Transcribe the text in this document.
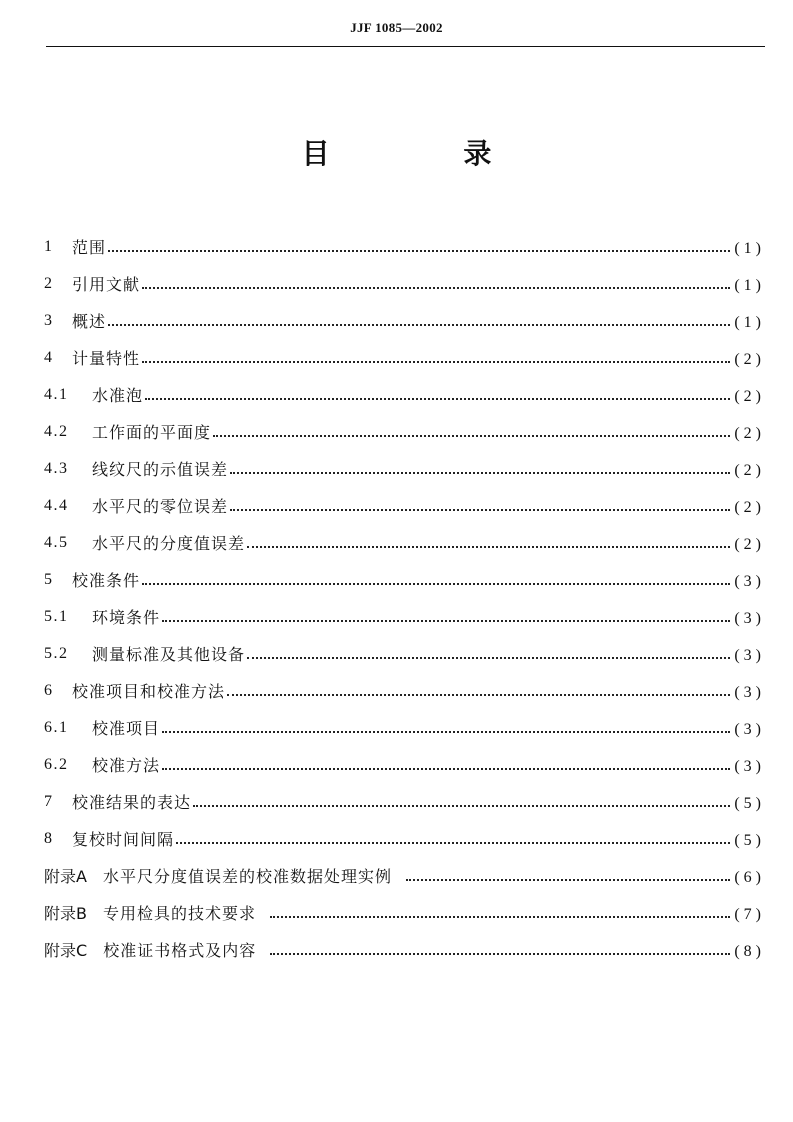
JJF 1085—2002
目 录
1	范围	(1)
2	引用文献	(1)
3	概述	(1)
4	计量特性	(2)
4.1	水准泡	(2)
4.2	工作面的平面度	(2)
4.3	线纹尺的示值误差	(2)
4.4	水平尺的零位误差	(2)
4.5	水平尺的分度值误差	(2)
5	校准条件	(3)
5.1	环境条件	(3)
5.2	测量标准及其他设备	(3)
6	校准项目和校准方法	(3)
6.1	校准项目	(3)
6.2	校准方法	(3)
7	校准结果的表达	(5)
8	复校时间间隔	(5)
附录A	水平尺分度值误差的校准数据处理实例	(6)
附录B	专用检具的技术要求	(7)
附录C	校准证书格式及内容	(8)
